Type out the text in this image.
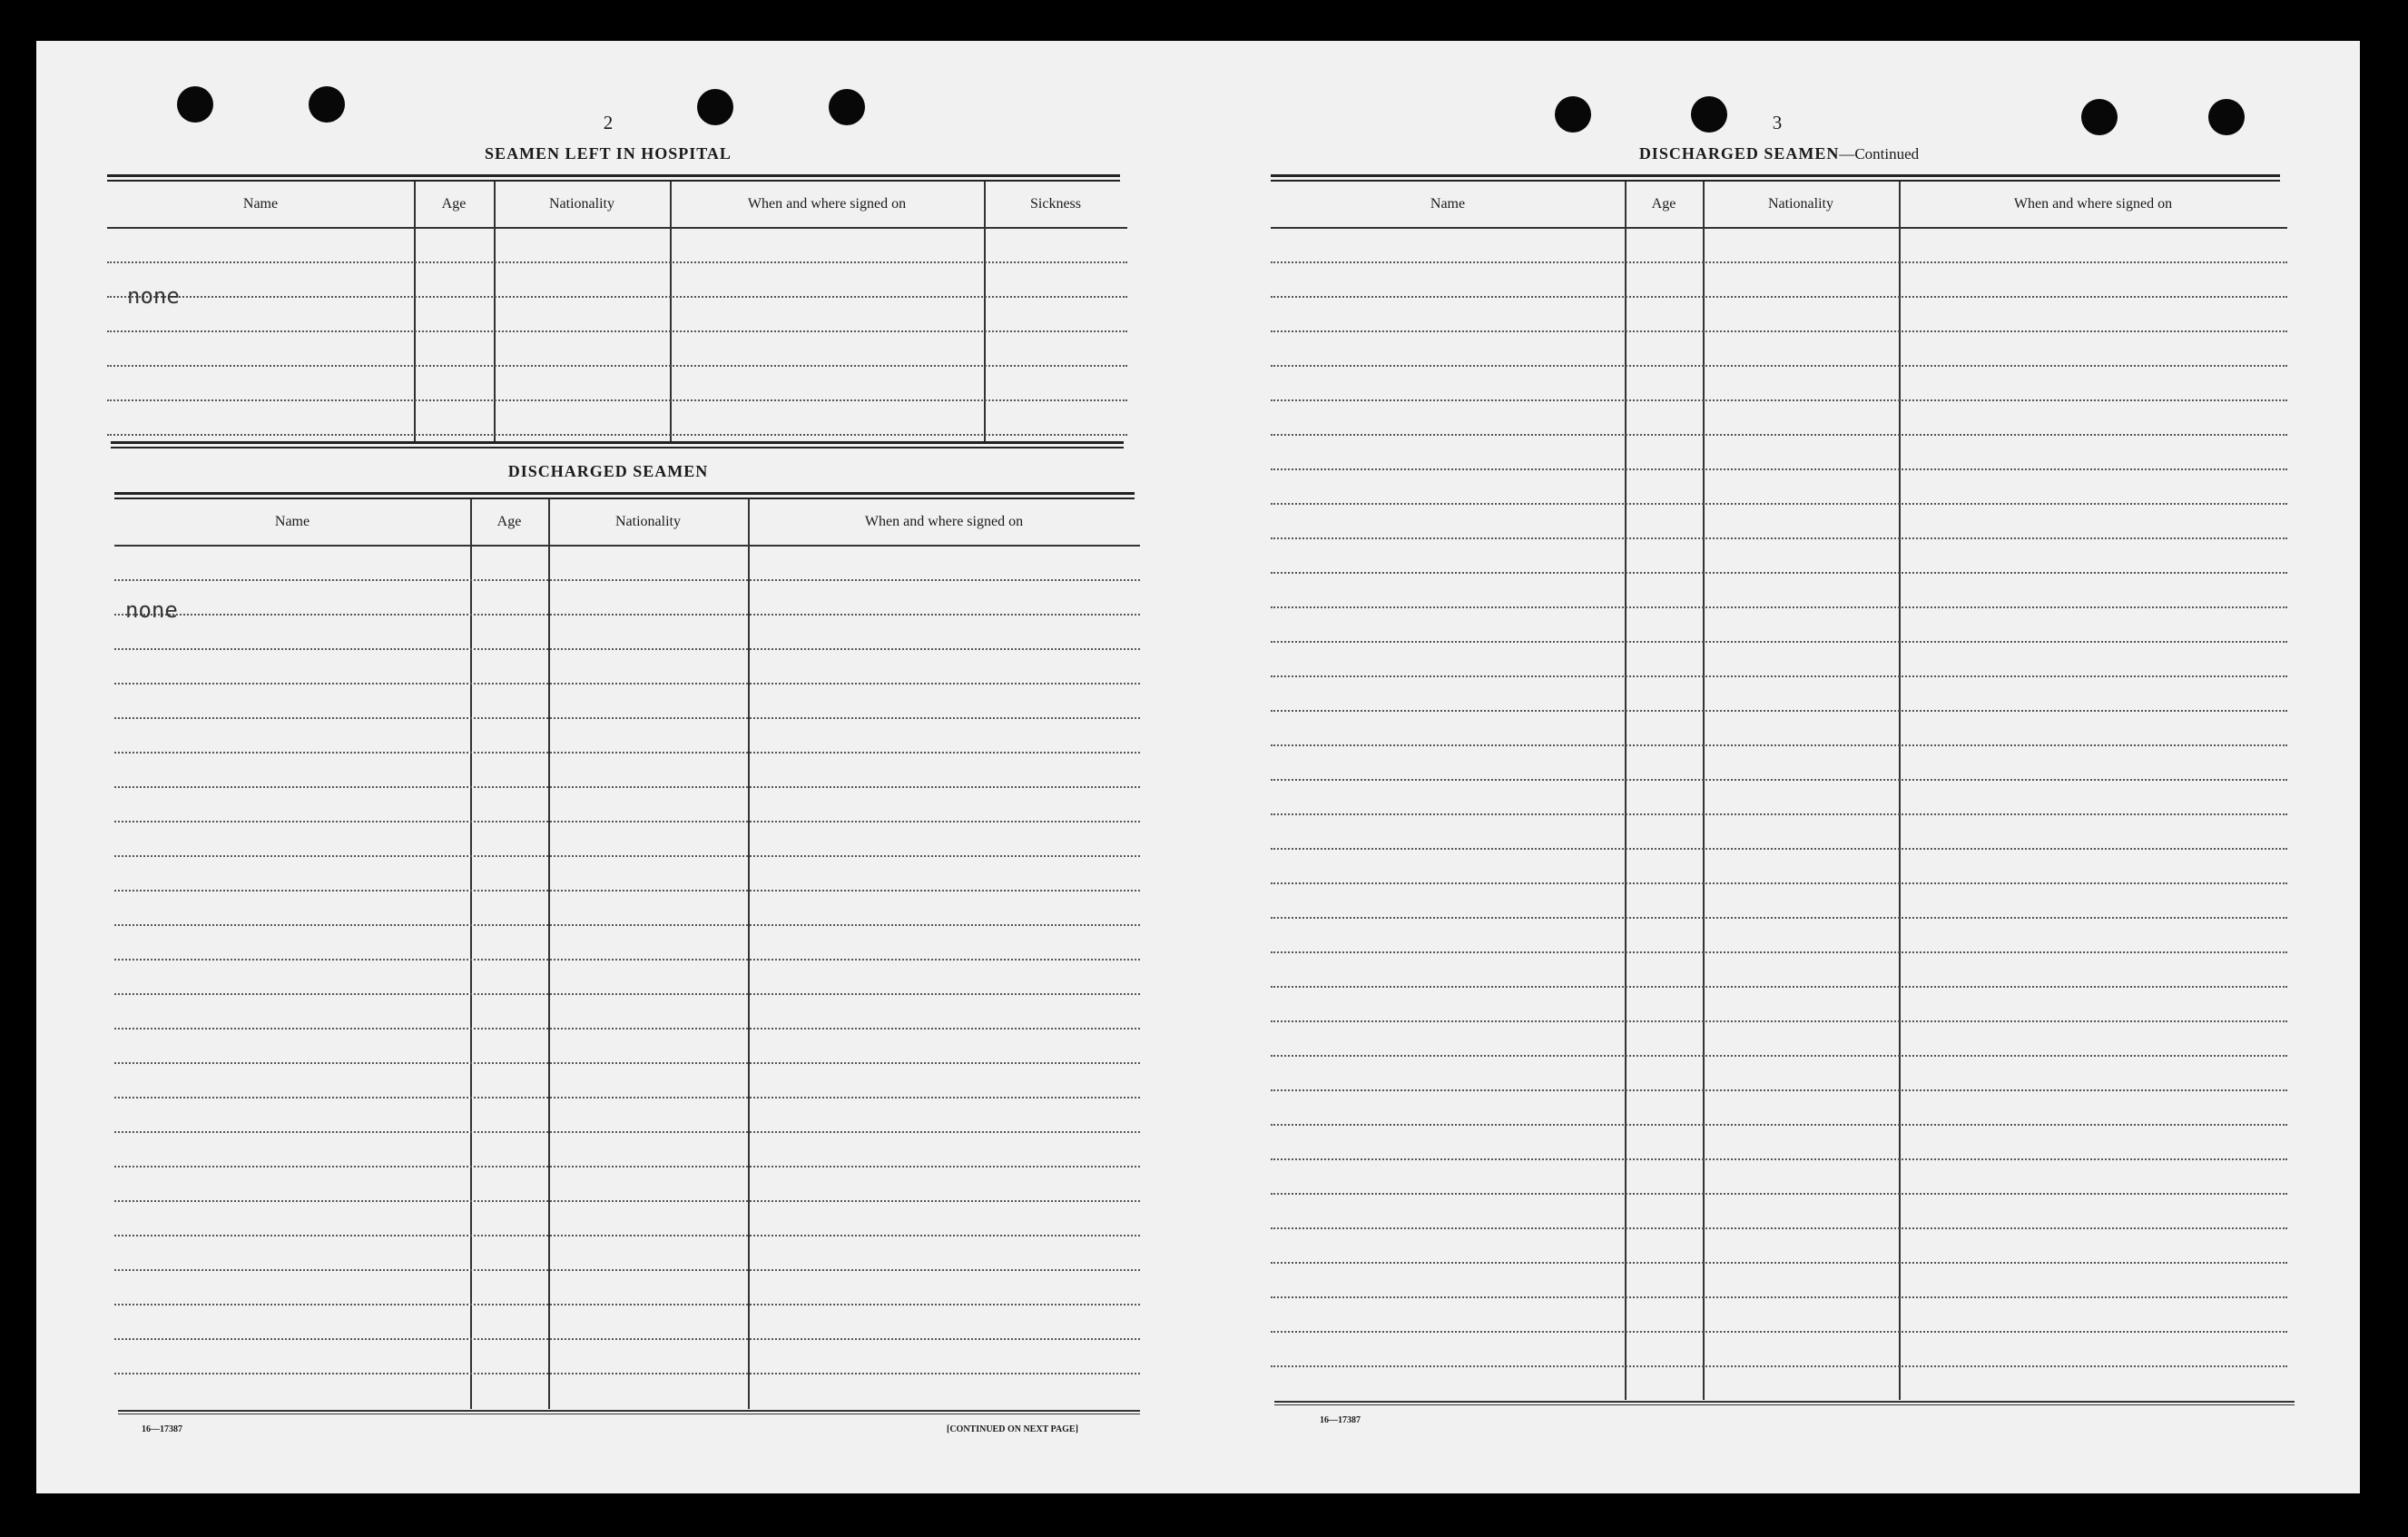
2
SEAMEN LEFT IN HOSPITAL
Name	Age	Nationality	When and where signed on	Sickness
none
DISCHARGED SEAMEN
Name	Age	Nationality	When and where signed on
none
16—17387	[CONTINUED ON NEXT PAGE]
3
DISCHARGED SEAMEN—Continued
Name	Age	Nationality	When and where signed on
16—17387
